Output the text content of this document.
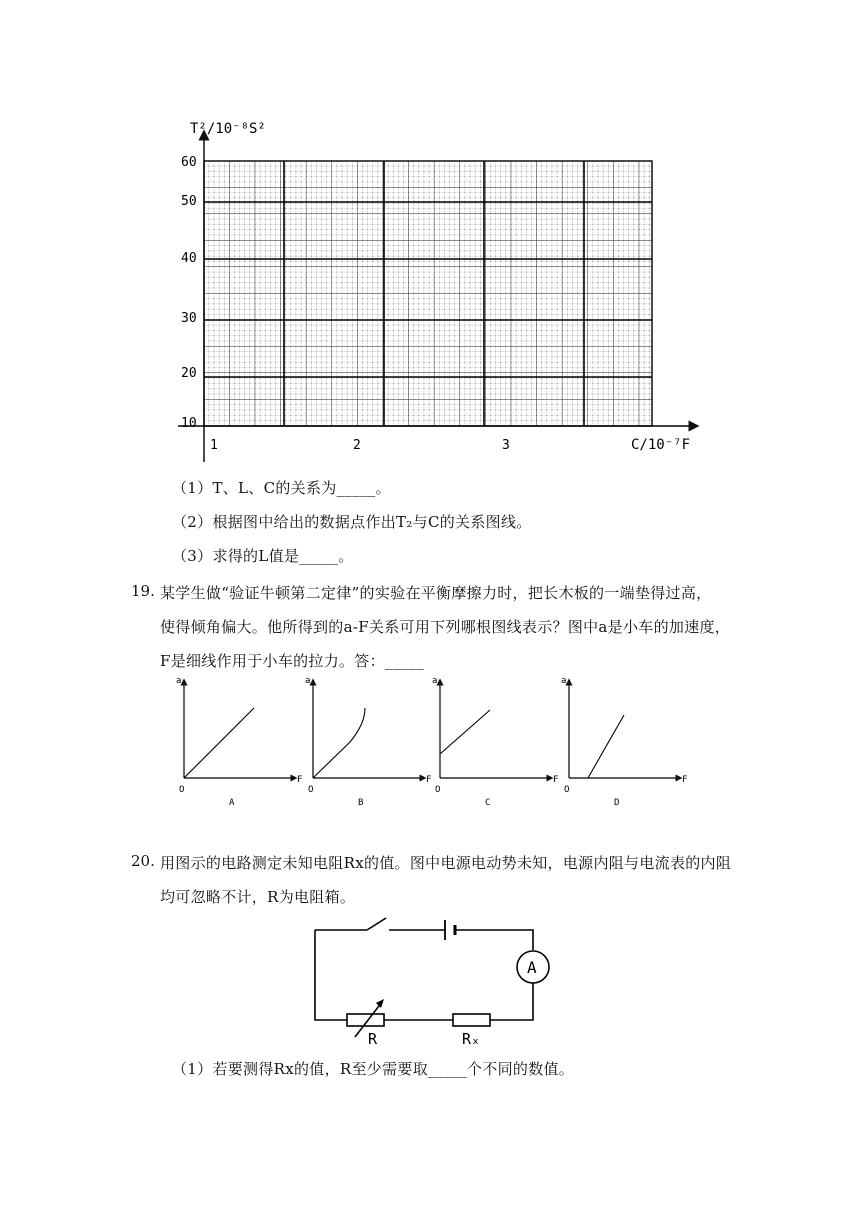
60
50
40
30
20
10
1	2	3
T²/10⁻⁸S²
C/10⁻⁷F
（1）T、L、C的关系为_____。
（2）根据图中给出的数据点作出T₂与C的关系图线。
（3）求得的L值是_____。
19. 某学生做“验证牛顿第二定律”的实验在平衡摩擦力时，把长木板的一端垫得过高，
使得倾角偏大。他所得到的a-F关系可用下列哪根图线表示？图中a是小车的加速度，
F是细线作用于小车的拉力。答：_____
a
F
O
A
a
F
O
B
a
F
O
C
a
F
O
D
20. 用图示的电路测定未知电阻Rx的值。图中电源电动势未知，电源内阻与电流表的内阻
均可忽略不计，R为电阻箱。
A
R	Rₓ
（1）若要测得Rx的值，R至少需要取_____个不同的数值。
